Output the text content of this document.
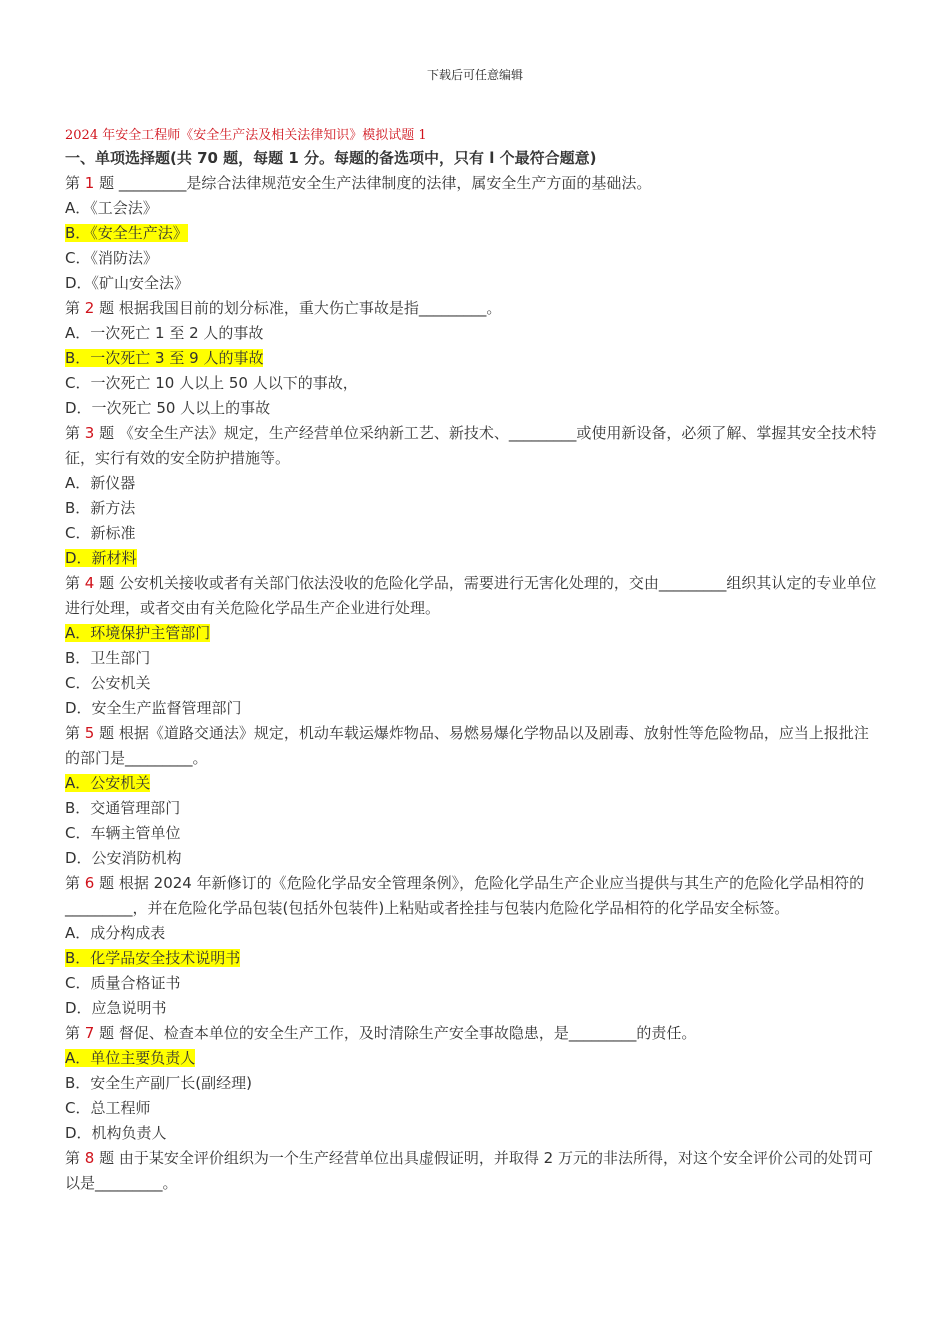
下载后可任意编辑

2024 年安全工程师《安全生产法及相关法律知识》模拟试题 1

一、单项选择题(共 70 题，每题 1 分。每题的备选项中，只有 l 个最符合题意)

第 1 题 _________是综合法律规范安全生产法律制度的法律，属安全生产方面的基础法。

A．《工会法》

B．《安全生产法》

C．《消防法》

D．《矿山安全法》

第 2 题 根据我国目前的划分标准，重大伤亡事故是指_________。

A．一次死亡 1 至 2 人的事故

B．一次死亡 3 至 9 人的事故

C．一次死亡 10 人以上 50 人以下的事故，

D．一次死亡 50 人以上的事故

第 3 题 《安全生产法》规定，生产经营单位采纳新工艺、新技术、_________或使用新设备，必须了解、掌握其安全技术特征，实行有效的安全防护措施等。

A．新仪器

B．新方法

C．新标准

D．新材料

第 4 题 公安机关接收或者有关部门依法没收的危险化学品，需要进行无害化处理的，交由_________组织其认定的专业单位进行处理，或者交由有关危险化学品生产企业进行处理。

A．环境保护主管部门

B．卫生部门

C．公安机关

D．安全生产监督管理部门

第 5 题 根据《道路交通法》规定，机动车载运爆炸物品、易燃易爆化学物品以及剧毒、放射性等危险物品，应当上报批注的部门是_________。

A．公安机关

B．交通管理部门

C．车辆主管单位

D．公安消防机构

第 6 题 根据 2024 年新修订的《危险化学品安全管理条例》，危险化学品生产企业应当提供与其生产的危险化学品相符的_________，并在危险化学品包装(包括外包装件)上粘贴或者拴挂与包装内危险化学品相符的化学品安全标签。

A．成分构成表

B．化学品安全技术说明书

C．质量合格证书

D．应急说明书

第 7 题 督促、检查本单位的安全生产工作，及时清除生产安全事故隐患，是_________的责任。

A．单位主要负责人

B．安全生产副厂长(副经理)

C．总工程师

D．机构负责人

第 8 题 由于某安全评价组织为一个生产经营单位出具虚假证明，并取得 2 万元的非法所得，对这个安全评价公司的处罚可以是_________。
